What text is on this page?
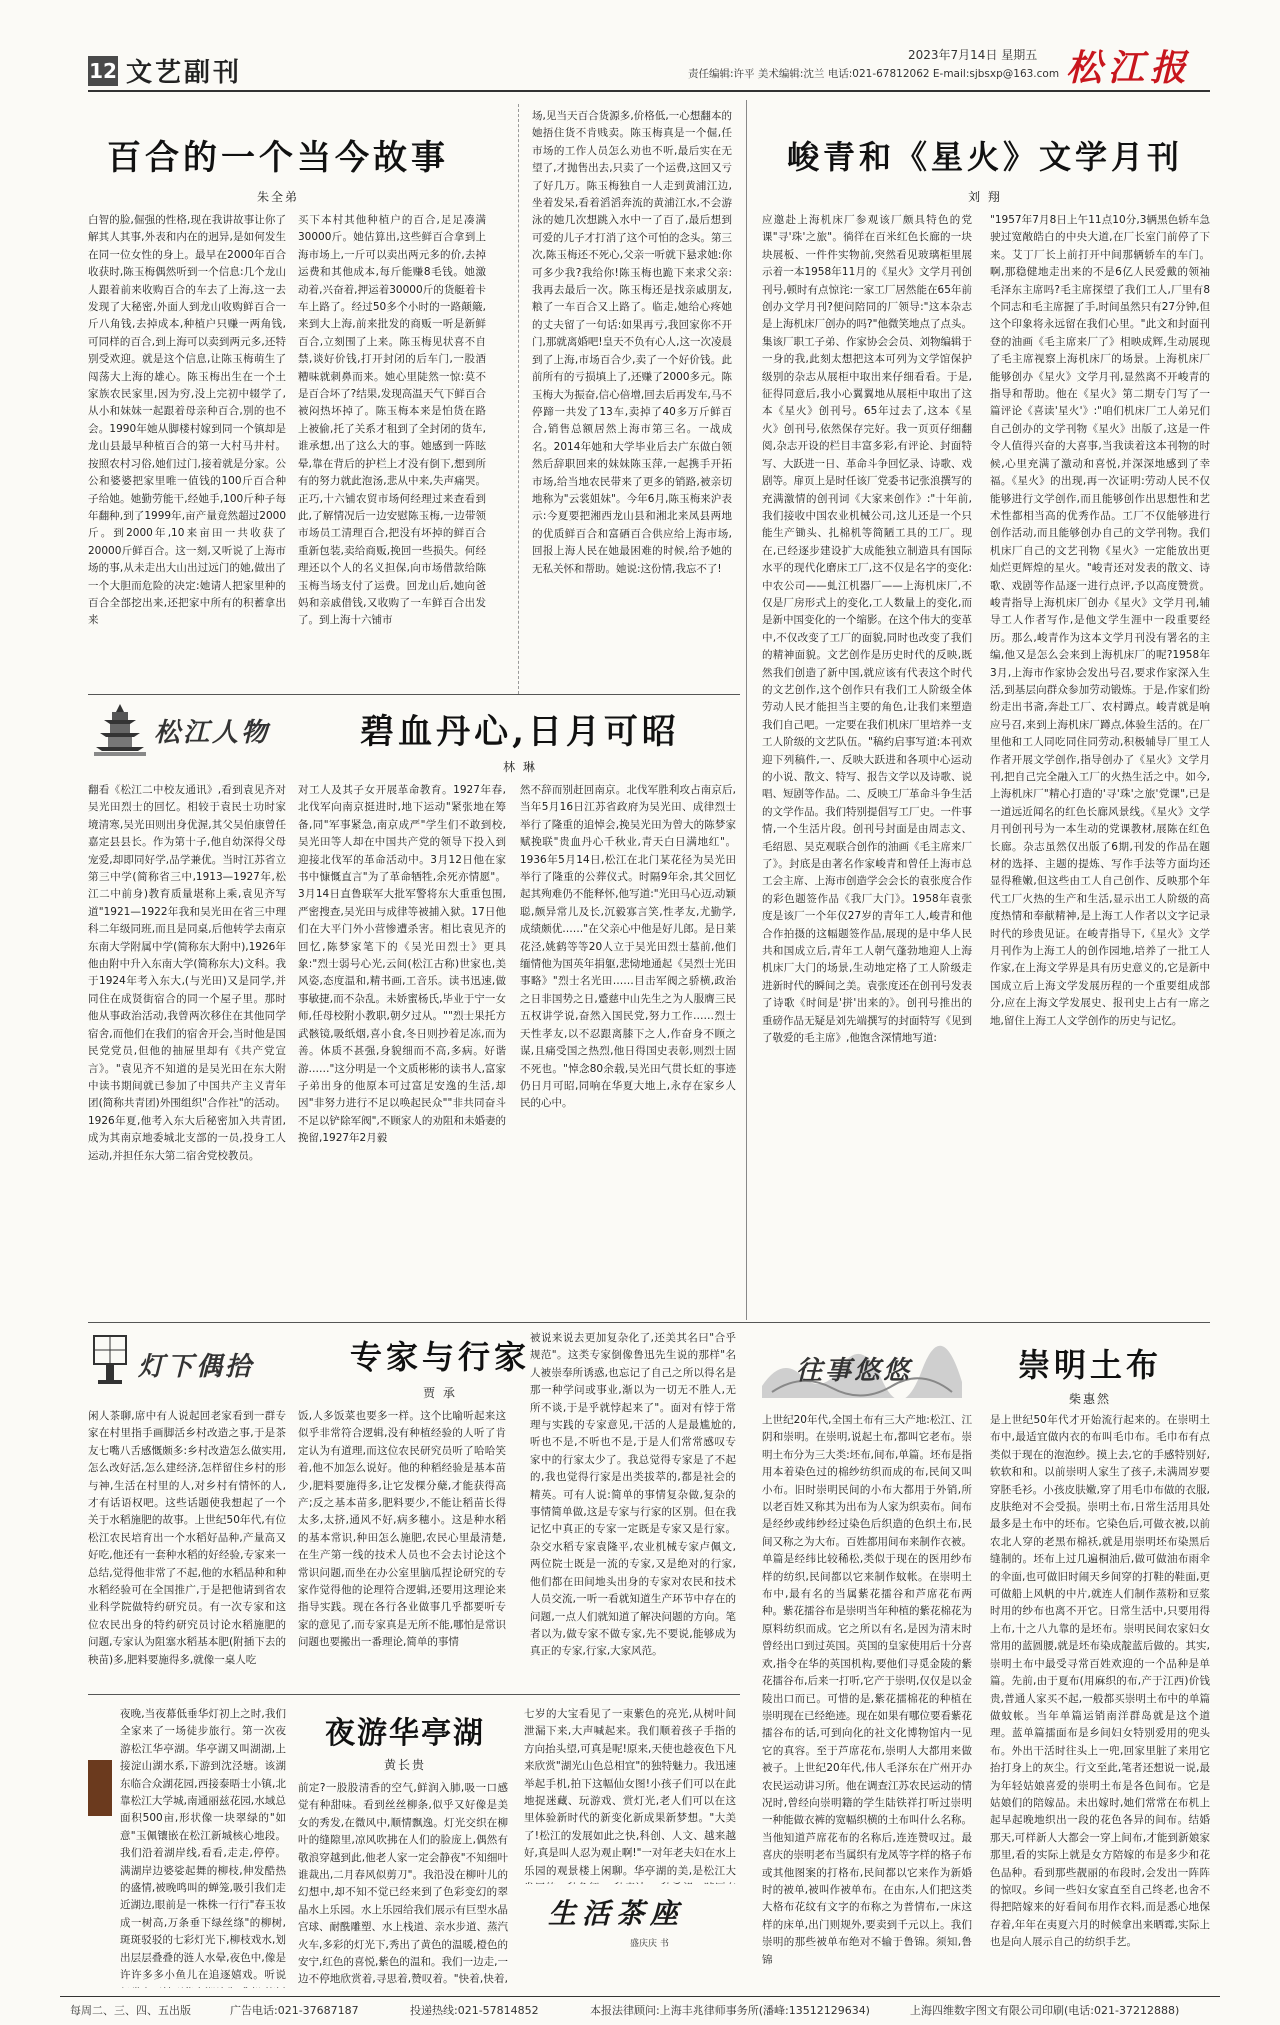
12 文艺副刊
2023年7月14日 星期五
责任编辑:许平 美术编辑:沈兰 电话:021-67812062 E-mail:sjbsxp@163.com 松江报
百合的一个当今故事
朱全弟
白智的脸,倔强的性格,现在我讲故事让你了解其人其事,外表和内在的迥异,是如何发生在同一位女性的身上。最早在2000年百合收获时,陈玉梅偶然听到一个信息:几个龙山人跟着前来收购百合的车去了上海,这一去发现了大秘密,外面人到龙山收购鲜百合一斤八角钱,去掉成本,种植户只赚一两角钱,可同样的百合,到上海可以卖到两元多,还特别受欢迎。就是这个信息,让陈玉梅萌生了闯荡大上海的雄心。陈玉梅出生在一个土家族农民家里,因为穷,没上完初中辍学了,从小和妹妹一起跟着母亲种百合,别的也不会。1990年她从脚楼村嫁到同一个镇却是龙山县最早种植百合的第一大村马井村。按照农村习俗,她们过门,接着就是分家。公公和婆婆把家里唯一值钱的100斤百合种子给她。她勤劳能干,经她手,100斤种子每年翻种,到了1999年,亩产量竟然超过2000斤。到2000年,10来亩田一共收获了20000斤鲜百合。这一刻,又听说了上海市场的事,从未走出大山出过远门的她,做出了一个大胆而危险的决定:她请人把家里种的百合全部挖出来,还把家中所有的积蓄拿出来
买下本村其他种植户的百合,足足凑满30000斤。她估算出,这些鲜百合拿到上海市场上,一斤可以卖出两元多的价,去掉运费和其他成本,每斤能赚8毛钱。她激动着,兴奋着,押运着30000斤的货艇着卡车上路了。经过50多个小时的一路颠簸,来到大上海,前来批发的商贩一听是新鲜百合,立刻围了上来。陈玉梅见状喜不自禁,谈好价钱,打开封闭的后车门,一股酒糟味就刺鼻而来。她心里陡然一惊:莫不是百合坏了?结果,发现高温天气下鲜百合被闷热坏掉了。陈玉梅本来是怕货在路上被偷,托了关系才租到了全封闭的货车,谁承想,出了这么大的事。她感到一阵眩晕,靠在背后的护栏上才没有倒下,想到所有的努力就此泡汤,悲从中来,失声痛哭。正巧,十六铺农贸市场何经理过来查看到此,了解情况后一边安慰陈玉梅,一边带领市场员工清理百合,把没有坏掉的鲜百合重新包装,卖给商贩,挽回一些损失。何经理还以个人的名义担保,向市场借款给陈玉梅当场支付了运费。回龙山后,她向爸妈和亲戚借钱,又收购了一车鲜百合出发了。到上海十六铺市
场,见当天百合货源多,价格低,一心想翻本的她捂住货不肯贱卖。陈玉梅真是一个倔,任市场的工作人员怎么劝也不听,最后实在无望了,才抛售出去,只卖了一个运费,这回又亏了好几万。陈玉梅独自一人走到黄浦江边,坐着发呆,看着滔滔奔流的黄浦江水,不会游泳的她几次想跳入水中一了百了,最后想到可爱的儿子才打消了这个可怕的念头。第三次,陈玉梅还不死心,父亲一听就下悬求她:你可多少我?我给你!陈玉梅也跪下来求父亲:我再去最后一次。陈玉梅还是找亲戚朋友,粮了一车百合又上路了。临走,她给心疼她的丈夫留了一句话:如果再亏,我回家你不开门,那就离婚吧!皇天不负有心人,这一次凌晨到了上海,市场百合少,卖了一个好价钱。此前所有的亏损填上了,还赚了2000多元。陈玉梅大为振奋,信心倍增,回去后再发车,马不停蹄一共发了13车,卖掉了40多万斤鲜百合,销售总额居然上海市第三名。一战成名。2014年她和大学毕业后去广东做白领然后辞职回来的妹妹陈玉萍,一起携手开拓市场,给当地农民带来了更多的销路,被亲切地称为"云裳姐妹"。今年6月,陈玉梅来沪表示:今夏要把湘西龙山县和湘北来凤县两地的优质鲜百合和富硒百合供应给上海市场,回报上海人民在她最困难的时候,给予她的无私关怀和帮助。她说:这份情,我忘不了!
峻青和《星火》文学月刊
刘 翔
应邀赴上海机床厂参观该厂颇具特色的党课"寻'珠'之旅"。徜徉在百米红色长廊的一块块展板、一件件实物前,突然看见玻璃柜里展示着一本1958年11月的《星火》文学月刊创刊号,顿时有点惊诧:一家工厂居然能在65年前创办文学月刊?便问陪同的厂领导:"这本杂志是上海机床厂创办的吗?"他微笑地点了点头。集该厂职工子弟、作家协会会员、刘物编辑于一身的我,此刻太想把这本可列为文学馆保护级别的杂志从展柜中取出来仔细看看。于是,征得同意后,我小心翼翼地从展柜中取出了这本《星火》创刊号。65年过去了,这本《星火》创刊号,依然保存完好。我一页页仔细翻阅,杂志开设的栏目丰富多彩,有评论、封面特写、大跃进一日、革命斗争回忆录、诗歌、戏剧等。扉页上是时任该厂党委书记张浪撰写的充满激情的创刊词《大家来创作》:"十年前,我们接收中国农业机械公司,这儿还是一个只能生产锄头、扎棉机等简陋工具的工厂。现在,已经逐步建设扩大成能独立制造具有国际水平的现代化磨床工厂,这不仅是名字的变化:中农公司——虬江机器厂——上海机床厂,不仅是厂房形式上的变化,工人数量上的变化,而是新中国变化的一个缩影。在这个伟大的变革中,不仅改变了工厂的面貌,同时也改变了我们的精神面貌。文艺创作是历史时代的反映,既然我们创造了新中国,就应该有代表这个时代的文艺创作,这个创作只有我们工人阶级全体劳动人民才能担当主要的角色,让我们来塑造我们自己吧。一定要在我们机床厂里培养一支工人阶级的文艺队伍。"稿约启事写道:本刊欢迎下列稿件,一、反映大跃进和各项中心运动的小说、散文、特写、报告文学以及诗歌、说唱、短剧等作品。二、反映工厂革命斗争生活的文学作品。我们特别提倡写工厂史。一件事情,一个生活片段。创刊号封面是由周志文、毛绍恩、吴克观联合创作的油画《毛主席来厂了》。封底是由著名作家峻青和曾任上海市总工会主席、上海市创造学会会长的袁张度合作的彩色题签作品《我厂大门》。1958年袁张度是该厂一个年仅27岁的青年工人,峻青和他合作拍摄的这幅题签作品,展现的是中华人民共和国成立后,青年工人朝气蓬勃地迎人上海机床厂大门的场景,生动地定格了工人阶级走进新时代的瞬间之美。袁张度还在创刊号发表了诗歌《时间是'拼'出来的》。创刊号推出的重磅作品无疑是刘先端撰写的封面特写《见到了敬爱的毛主席》,他饱含深情地写道:
"1957年7月8日上午11点10分,3辆黑色轿车急驶过宽敞皓白的中央大道,在厂长室门前停了下来。艾丁厂长上前打开中间那辆轿车的车门。啊,那稳健地走出来的不是6亿人民爱戴的领袖毛泽东主席吗?毛主席探望了我们工人,厂里有8个同志和毛主席握了手,时间虽然只有27分钟,但这个印象将永远留在我们心里。"此文和封面刊登的油画《毛主席来厂了》相映成辉,生动展现了毛主席视察上海机床厂的场景。上海机床厂能够创办《星火》文学月刊,显然离不开峻青的指导和帮助。他在《星火》第二期专门写了一篇评论《喜读'星火'》:"咱们机床厂工人弟兄们自己创办的文学刊物《星火》出版了,这是一件令人值得兴奋的大喜事,当我读着这本刊物的时候,心里充满了激动和喜悦,并深深地感到了幸福。《星火》的出现,再一次证明:劳动人民不仅能够进行文学创作,而且能够创作出思想性和艺术性都相当高的优秀作品。工厂不仅能够进行创作活动,而且能够创办自己的文学刊物。我们机床厂自己的文艺刊物《星火》一定能放出更灿烂更辉煌的星火。"峻青还对发表的散文、诗歌、戏剧等作品逐一进行点评,予以高度赞赏。峻青指导上海机床厂创办《星火》文学月刊,辅导工人作者写作,是他文学生涯中一段重要经历。那么,峻青作为这本文学月刊没有署名的主编,他又是怎么会来到上海机床厂的呢?1958年3月,上海市作家协会发出号召,要求作家深入生活,到基层向群众参加劳动锻炼。于是,作家们纷纷走出书斋,奔赴工厂、农村蹲点。峻青就是响应号召,来到上海机床厂蹲点,体验生活的。在厂里他和工人同吃同住同劳动,积极辅导厂里工人作者开展文学创作,指导创办了《星火》文学月刊,把自己完全融入工厂的火热生活之中。如今,上海机床厂"精心打造的'寻'珠'之旅'党课",已是一道远近闻名的红色长廊风景线。《星火》文学月刊创刊号为一本生动的党课教材,展陈在红色长廊。杂志虽然仅出版了6期,刊发的作品在题材的选择、主题的提炼、写作手法等方面均还显得稚嫩,但这些由工人自己创作、反映那个年代工厂火热的生产和生活,显示出工人阶级的高度热情和奉献精神,是上海工人作者以文字记录时代的珍贵见证。在峻青指导下,《星火》文学月刊作为上海工人的创作园地,培养了一批工人作家,在上海文学界是具有历史意义的,它是新中国成立后上海文学发展历程的一个重要组成部分,应在上海文学发展史、报刊史上占有一席之地,留住上海工人文学创作的历史与记忆。
松江人物	碧血丹心,日月可昭
林 琳
翻看《松江二中校友通讯》,看到袁见齐对吴光田烈士的回忆。相较于袁民士功时家境清寒,吴光田则出身优渥,其父吴伯康曾任嘉定县县长。作为第十子,他自幼深得父母宠爱,却即同好学,品学兼优。当时江苏省立第三中学(简称省三中,1913—1927年,松江二中前身)教育质量堪称上乘,袁见齐写道"1921—1922年我和吴光田在省三中理科二年级同班,而且是同桌,后他转学去南京东南大学附属中学(简称东大附中),1926年他由附中升入东南大学(简称东大)文科。我于1924年考入东大,(与光田)又是同学,并同住在成贤街宿合的同一个屋子里。那时他从事政治活动,我曾两次移住在其他同学宿舍,而他们在我们的宿舍开会,当时他是国民党党员,但他的抽屉里却有《共产党宣言》。"袁见齐不知道的是吴光田在东大附中读书期间就已参加了中国共产主义青年团(简称共青团)外围组织"合作社"的活动。1926年夏,他考入东大后秘密加入共青团,成为其南京地委城北支部的一员,投身工人运动,并担任东大第二宿舍党校教员。
对工人及其子女开展革命教育。1927年春,北伐军向南京挺进时,地下运动"紧张地在筹备,同"军事紧急,南京成严"学生们不敢到校,吴光田等人却在中国共产党的领导下投入到迎接北伐军的革命活动中。3月12日他在家书中慷慨直言"为了革命牺牲,余死亦情愿"。3月14日直鲁联军大批军警将东大重重包围,严密搜查,吴光田与成律等被捕入狱。17日他们在大平门外小营惨遭杀害。相比袁见齐的回忆,陈梦家笔下的《吴光田烈士》更具象:"烈士弱号心光,云间(松江古称)世家也,美风姿,态度温和,精书画,工音乐。读书迅速,做事敏捷,而不杂乱。未娇蜜杨氏,毕业于宁一女师,任母校附小教职,朝夕过从。""烈士果托方武骸镜,吸纸烟,喜小食,冬日则抄着足冻,而为善。体质不甚强,身貌细而不高,多病。好谐游……"这分明是一个文质彬彬的读书人,富家子弟出身的他原本可过富足安逸的生活,却因"非努力进行不足以唤起民众""非共同奋斗不足以铲除军阀",不顾家人的劝阻和未婚妻的挽留,1927年2月毅
然不辞而别赶回南京。北伐军胜利攻占南京后,当年5月16日江苏省政府为吴光田、成律烈士举行了隆重的追悼会,挽吴光田为曾大的陈梦家赋挽联"贵血丹心千秋业,青天白日满地红"。1936年5月14日,松江在北门某花径为吴光田举行了隆重的公葬仪式。时隔9年余,其父回忆起其殉难仍不能释怀,他写道:"光田马心迈,动颖聪,颇异常儿及长,沉毅寡言笑,性孝友,尤勤学,成绩颇优……"在父亲心中他是好儿郎。是日莱花泾,姚鹤等等20人立于吴光田烈士墓前,他们缅情他为国英年捐躯,悲恸地通起《吴烈士光田事略》"烈士名光田……目击军阀之骄横,政治之日非国势之日,蹙慈中山先生之为人服膺三民五权讲学说,奋然入国民党,努力工作……烈士天性孝友,以不忍跟离膝下之人,作奋身不顾之谋,且痛受国之热烈,他日得国史表彰,则烈士固不死也。"悼念80余载,吴光田气贯长虹的事迹仍日月可昭,同响在华夏大地上,永存在家乡人民的心中。
灯下偶拾	专家与行家
贾 承
闲人茶聊,席中有人说起回老家看到一群专家在村里指手画脚活乡村改造之事,于是茶友七嘴八舌感慨颇多:乡村改造怎么做实用,怎么改好活,怎么建经济,怎样留住乡村的形与神,生活在村里的人,对乡村有情怀的人,才有话语权吧。这些话题使我想起了一个关于水稻施肥的故事。上世纪50年代,有位松江农民培育出一个水稻好品种,产量高又好吃,他还有一套种水稻的好经验,专家来一总结,觉得他非常了不起,他的水稻品种和种水稻经验可在全国推广,于是把他请到省农业科学院做特约研究员。有一次专家和这位农民出身的特约研究员讨论水稻施肥的问题,专家认为阻塞水稻基本肥(附插下去的秧苗)多,肥料要施得多,就像一桌人吃
饭,人多饭菜也要多一样。这个比喻听起来这似乎非常符合逻辑,没有种植经验的人听了肯定认为有道理,而这位农民研究员听了哈哈笑着,他不加怎么说好。他的种稻经验是基本苗少,肥料要施得多,让它发棵分蘖,才能获得高产;反之基本苗多,肥料要少,不能让稻苗长得太多,太挤,通风不好,病多穗小。这是种水稻的基本常识,种田怎么施肥,农民心里最清楚,在生产第一线的技术人员也不会去讨论这个常识问题,而坐在办公室里脑瓜捏论研究的专家作觉得他的论理符合逻辑,还要用这理论来指导实践。现在各行各业做事几乎都要听专家的意见了,而专家真是无所不能,哪怕是常识问题也要搬出一番理论,简单的事情
被说来说去更加复杂化了,还美其名曰"合乎规范"。这类专家倒像鲁迅先生说的那样"名人被崇奉所诱惑,也忘记了自己之所以得名是那一种学问或事业,渐以为一切无不胜人,无所不谈,于是乎就悖起来了"。面对有悖于常理与实践的专家意见,干活的人是最尴尬的,听也不是,不听也不是,于是人们常常感叹专家中的行家太少了。我总觉得专家是了不起的,我也觉得行家是出类拔萃的,都是社会的精英。可有人说:简单的事情复杂做,复杂的事情简单做,这是专家与行家的区别。但在我记忆中真正的专家一定既是专家又是行家。杂交水稻专家袁隆平,农业机械专家卢佩文,两位院士既是一流的专家,又是绝对的行家,他们都在田间地头出身的专家对农民和技术人员交流,一听一看就知道生产环节中存在的问题,一点人们就知道了解决问题的方向。笔者以为,做专家不做专家,先不要说,能够成为真正的专家,行家,大家风范。
夜晚,当夜幕低垂华灯初上之时,我们全家来了一场徒步旅行。第一次夜游松江华亭湖。华亭湖又叫湖湖,上接淀山湖水系,下游到沈泾塘。该湖东临合众湖花园,西接泰晤士小镇,北靠松江大学城,南通丽兹花园,水域总面积500亩,形状像一块翠绿的"如意"玉佩镶嵌在松江新城核心地段。我们沿着湖岸线,看看,走走,停停。满湖岸边婆娑起舞的柳枝,伸发酷热的盛情,被晚鸣叫的蝉笼,吸引我们走近湖边,眼前是一株株一行行"春玉妆成一树高,万条垂下绿丝绦"的柳树,斑斑驳驳的七彩灯光下,柳枝戏水,划出层层叠叠的涟人水晕,夜色中,像是许许多多小鱼儿在追逐嬉戏。听说
夜游华亭湖
黄长贵
前定?一股股清香的空气,鲜润入肺,吸一口感觉有种甜味。看到丝丝柳条,似乎又好像是美女的秀发,在微风中,顺情飘逸。灯光交织在柳叶的缝隙里,凉风吹拂在人们的脸庞上,偶然有敬浪穿越到此,他老人家一定会静夜"不知细叶谁裁出,二月春风似剪刀"。我沿没在柳叶儿的幻想中,却不知不觉已经来到了色彩变幻的翠晶水上乐园。水上乐园给我们展示有巨型水晶宫球、耐酰雕塑、水上栈道、亲水步道、蒸汽火车,多彩的灯光下,秀出了黄色的温暖,橙色的安宁,红色的喜悦,紫色的温和。我们一边走,一边不停地欣赏着,寻思着,赞叹着。"快着,快着,
七岁的大宝看见了一束紫色的亮光,从树叶间泄漏下来,大声喊起来。我们顺着孩子手指的方向抬头望,可真是呢!原来,天使也趁夜色下凡来欣赏"湖光山色总相宜"的独特魅力。我迅速举起手机,拍下这幅仙女图!小孩子们可以在此地捉迷藏、玩游戏、赏灯光,老人们可以在这里体验新时代的新变化新成果新梦想。"大美了!松江的发展如此之快,科创、人文、越来越好,真是叫人忍为观止啊!"一对年老夫妇在水上乐园的观景楼上闲聊。华亭湖的美,是松江大
生活茶座
盛庆庆 书
往事悠悠	崇明土布
柴惠然
上世纪20年代,全国土布有三大产地:松江、江阴和崇明。在崇明,说起土布,都叫它老布。崇明土布分为三大类:坯布,间布,单篇。坯布是指用本着染色过的棉纱纺织而成的布,民间又叫小布。旧时崇明民间的小布大都用于外销,所以老百姓又称其为出布为人家为织卖布。间布是经纱或纬纱经过染色后织造的色织土布,民间又称之为大布。百姓都用间布来制作衣被。单篇是经纬比较稀松,类似于现在的医用纱布样的纺织,民间都以它来制作蚊帐。在崇明土布中,最有名的当属紫花擂谷和芦席花布两种。紫花擂谷布是崇明当年种植的紫花棉花为原料纺织而成。它之所以有名,是因为清末时曾经出口到过英国。英国的皇家使用后十分喜欢,指令在华的英国机构,要他们寻觅金陵的紫花擂谷布,后来一打听,它产于崇明,仅仅是以金陵出口而已。可惜的是,紫花擂棉花的种植在崇明现在已经绝迹。现在如果有哪位要看紫花擂谷布的话,可到向化的社文化博物馆内一见它的真容。至于芦席花布,崇明人大都用来做被子。上世纪20年代,伟人毛泽东在广州开办农民运动讲习所。他在调查江苏农民运动的情况时,曾经向崇明籍的学生陆铁祥打听过崇明一种能做衣裤的宽幅织横的土布叫什么名称。当他知道芦席花布的名称后,连连赞叹过。最喜庆的崇明老布当属织有龙凤等字样的格子布或其他图案的打格布,民间都以它来作为新婚时的被单,被叫作被单布。在由东,人们把这类大格布花纹有文字的布称之为普情布,一床这样的床单,出门则规外,要卖到千元以上。我们崇明的那些被单布绝对不输于鲁锦。须知,鲁锦
是上世纪50年代才开始流行起来的。在崇明土布中,最适宜做内衣的布叫毛巾布。毛巾布有点类似于现在的泡泡纱。摸上去,它的手感特别好,软软和和。以前崇明人家生了孩子,未满周岁要穿胚毛衫。小孩皮肤嫩,穿了用毛巾布做的衣服,皮肤绝对不会受损。崇明土布,日常生活用具处最多是土布中的坯布。它染色后,可做衣被,以前农北人穿的老黑布棉袄,就是用崇明坯布染黑后缝制的。坯布上过几遍桐油后,做可做油布雨伞的伞面,也可做旧时闹天乡间穿的打鞋的鞋面,更可做船上风帆的中片,就连人们制作蒸粉和豆浆时用的纱布也离不开它。日常生活中,只要用得上布,十之八九靠的是坯布。崇明民间农家妇女常用的蓝圆腰,就是坯布染成靛蓝后做的。其实,崇明土布中最受寻常百姓欢迎的一个品种是单篇。先前,由于夏布(用麻织的布,产于江西)价钱贵,普通人家买不起,一般都买崇明土布中的单篇做蚊帐。当年单篇运销南洋群岛就是这个道理。蓝单篇擂面布是乡间妇女特别爱用的兜头布。外出干活时往头上一兜,回家里脏了来用它抬打身上的灰尘。行文至此,笔者还想说一说,最为年轻姑娘喜爱的崇明土布是各色间布。它是姑娘们的陪嫁品。未出嫁时,她们常常在布机上起早起晚地织出一段的花色各异的间布。结婚那天,可样新人大都会一穿上间布,才能到新娘家那里,看的实际上就是女方陪嫁的布是多少和花色品种。看到那些靓丽的布段时,会发出一阵阵的惊叹。乡间一些妇女家直至自己终老,也舍不得把陪嫁来的好看间布用作衣料,而是悉心地保存着,年年在夷夏六月的时候拿出来晒霉,实际上也是向人展示自己的纺织手艺。
每周二、三、四、五出版	广告电话:021-37687187	投递热线:021-57814852	本报法律顾问:上海丰兆律师事务所(潘峰:13512129634)	上海四维数字图文有限公司印刷(电话:021-37212888)
